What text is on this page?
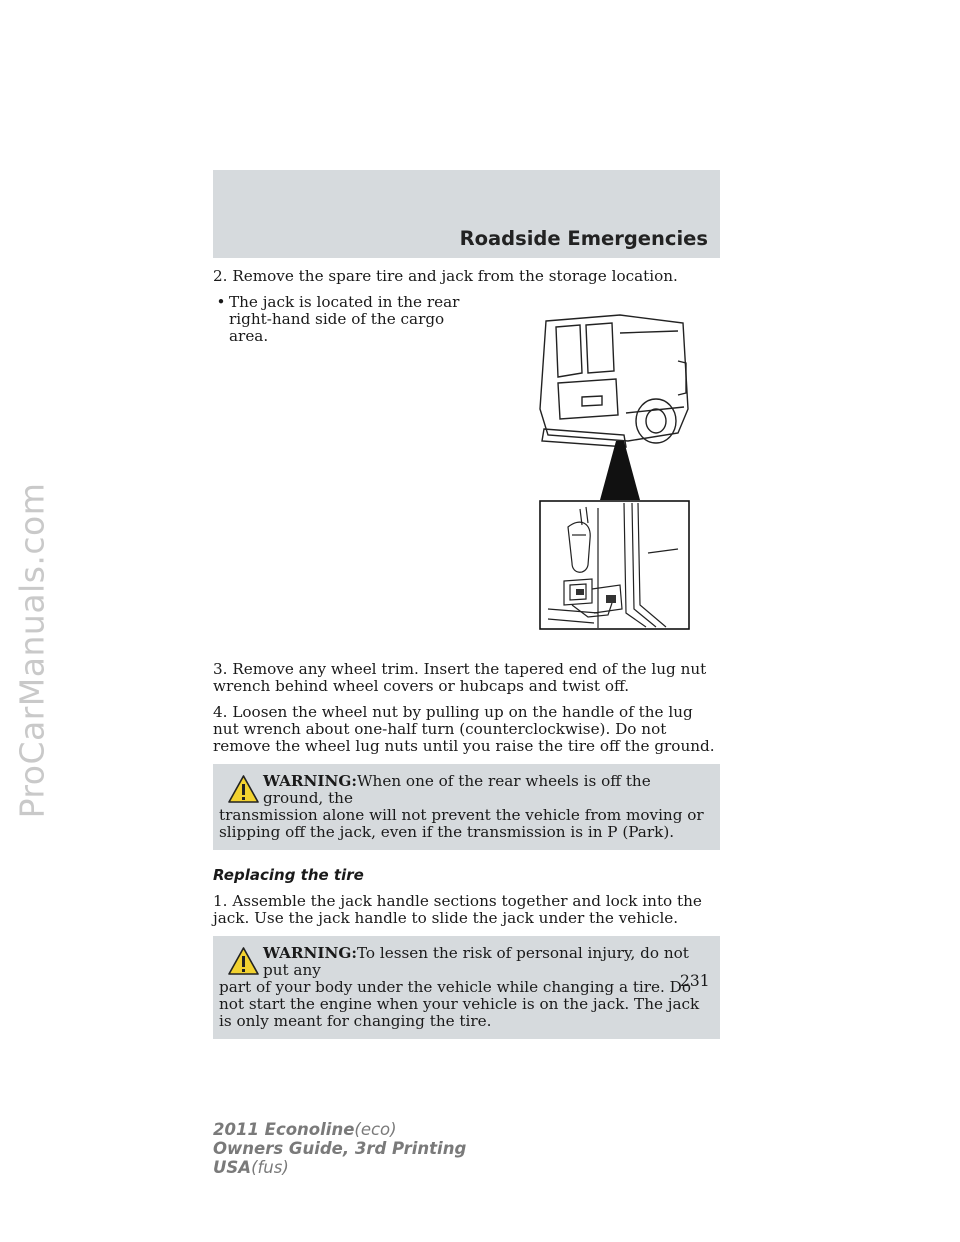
ProCarManuals.com
Roadside Emergencies

2. Remove the spare tire and jack from the storage location.

• The jack is located in the rear right-hand side of the cargo area.

3. Remove any wheel trim. Insert the tapered end of the lug nut wrench behind wheel covers or hubcaps and twist off.

4. Loosen the wheel nut by pulling up on the handle of the lug nut wrench about one-half turn (counterclockwise). Do not remove the wheel lug nuts until you raise the tire off the ground.

WARNING:When one of the rear wheels is off the ground, the
transmission alone will not prevent the vehicle from moving or slipping off the jack, even if the transmission is in P (Park).

Replacing the tire

1. Assemble the jack handle sections together and lock into the jack. Use the jack handle to slide the jack under the vehicle.

WARNING:To lessen the risk of personal injury, do not put any
part of your body under the vehicle while changing a tire. Do not start the engine when your vehicle is on the jack. The jack is only meant for changing the tire.
231
2011 Econoline(eco)
Owners Guide, 3rd Printing
USA(fus)
